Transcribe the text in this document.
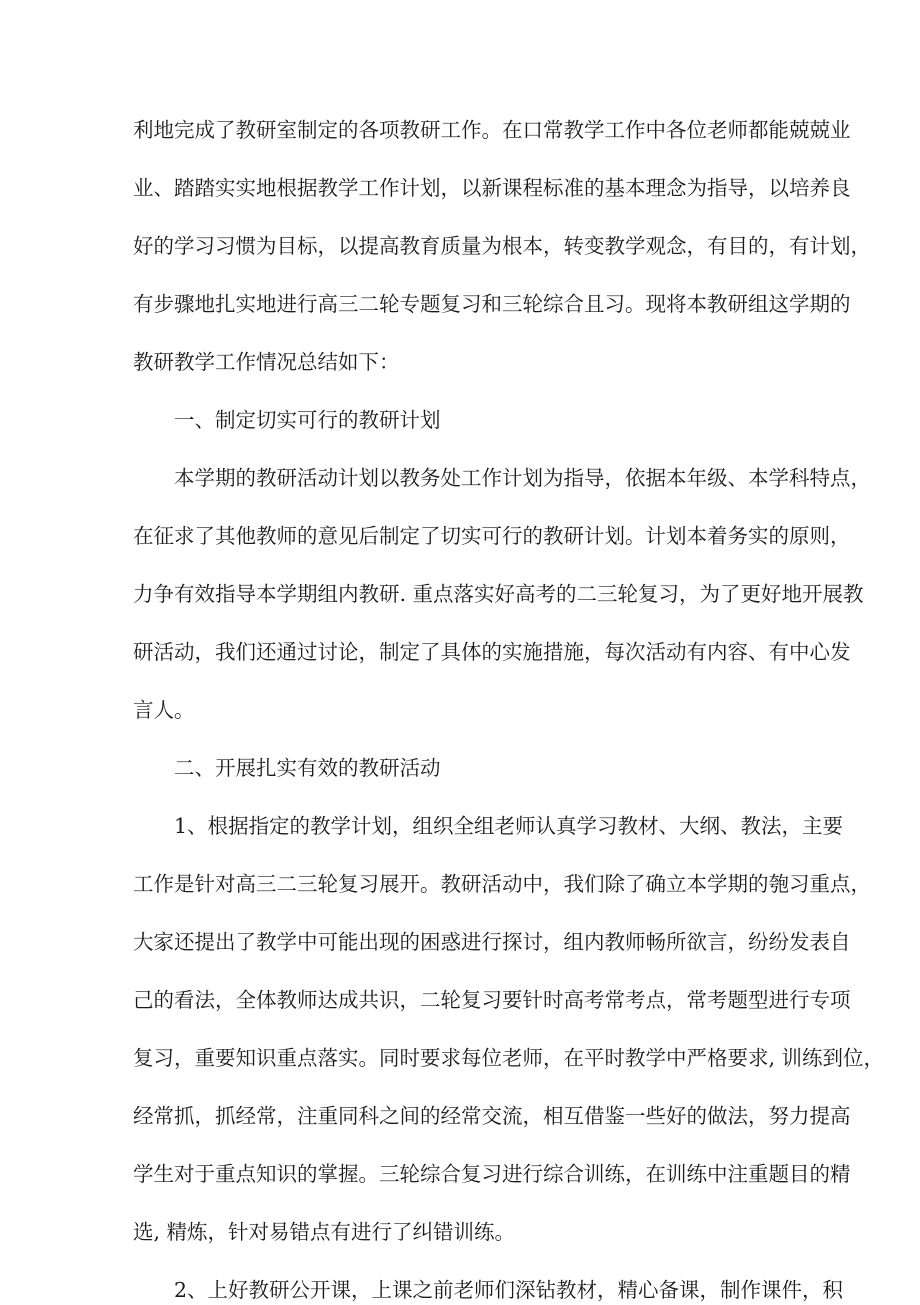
利地完成了教研室制定的各项教研工作。在口常教学工作中各位老师都能兢兢业
业、踏踏实实地根据教学工作计划，以新课程标准的基本理念为指导，以培养良
好的学习习惯为目标，以提高教育质量为根本，转变教学观念，有目的，有计划，
有步骤地扎实地进行高三二轮专题复习和三轮综合且习。现将本教研组这学期的
教研教学工作情况总结如下：
一、制定切实可行的教研计划
本学期的教研活动计划以教务处工作计划为指导，依据本年级、本学科特点，
在征求了其他教师的意见后制定了切实可行的教研计划。计划本着务实的原则，
力争有效指导本学期组内教研. 重点落实好高考的二三轮复习，为了更好地开展教
研活动，我们还通过讨论，制定了具体的实施措施，每次活动有内容、有中心发
言人。
二、开展扎实有效的教研活动
1、根据指定的教学计划，组织全组老师认真学习教材、大纲、教法，主要
工作是针对高三二三轮复习展开。教研活动中，我们除了确立本学期的匏习重点，
大家还提出了教学中可能出现的困惑进行探讨，组内教师畅所欲言，纷纷发表自
己的看法，全体教师达成共识，二轮复习要针时高考常考点，常考题型进行专项
复习，重要知识重点落实。同时要求每位老师，在平时教学中严格要求, 训练到位，
经常抓，抓经常，注重同科之间的经常交流，相互借鉴一些好的做法，努力提高
学生对于重点知识的掌握。三轮综合复习进行综合训练，在训练中注重题目的精
选, 精炼，针对易错点有进行了纠错训练。
2、上好教研公开课，上课之前老师们深钻教材，精心备课，制作课件，积
